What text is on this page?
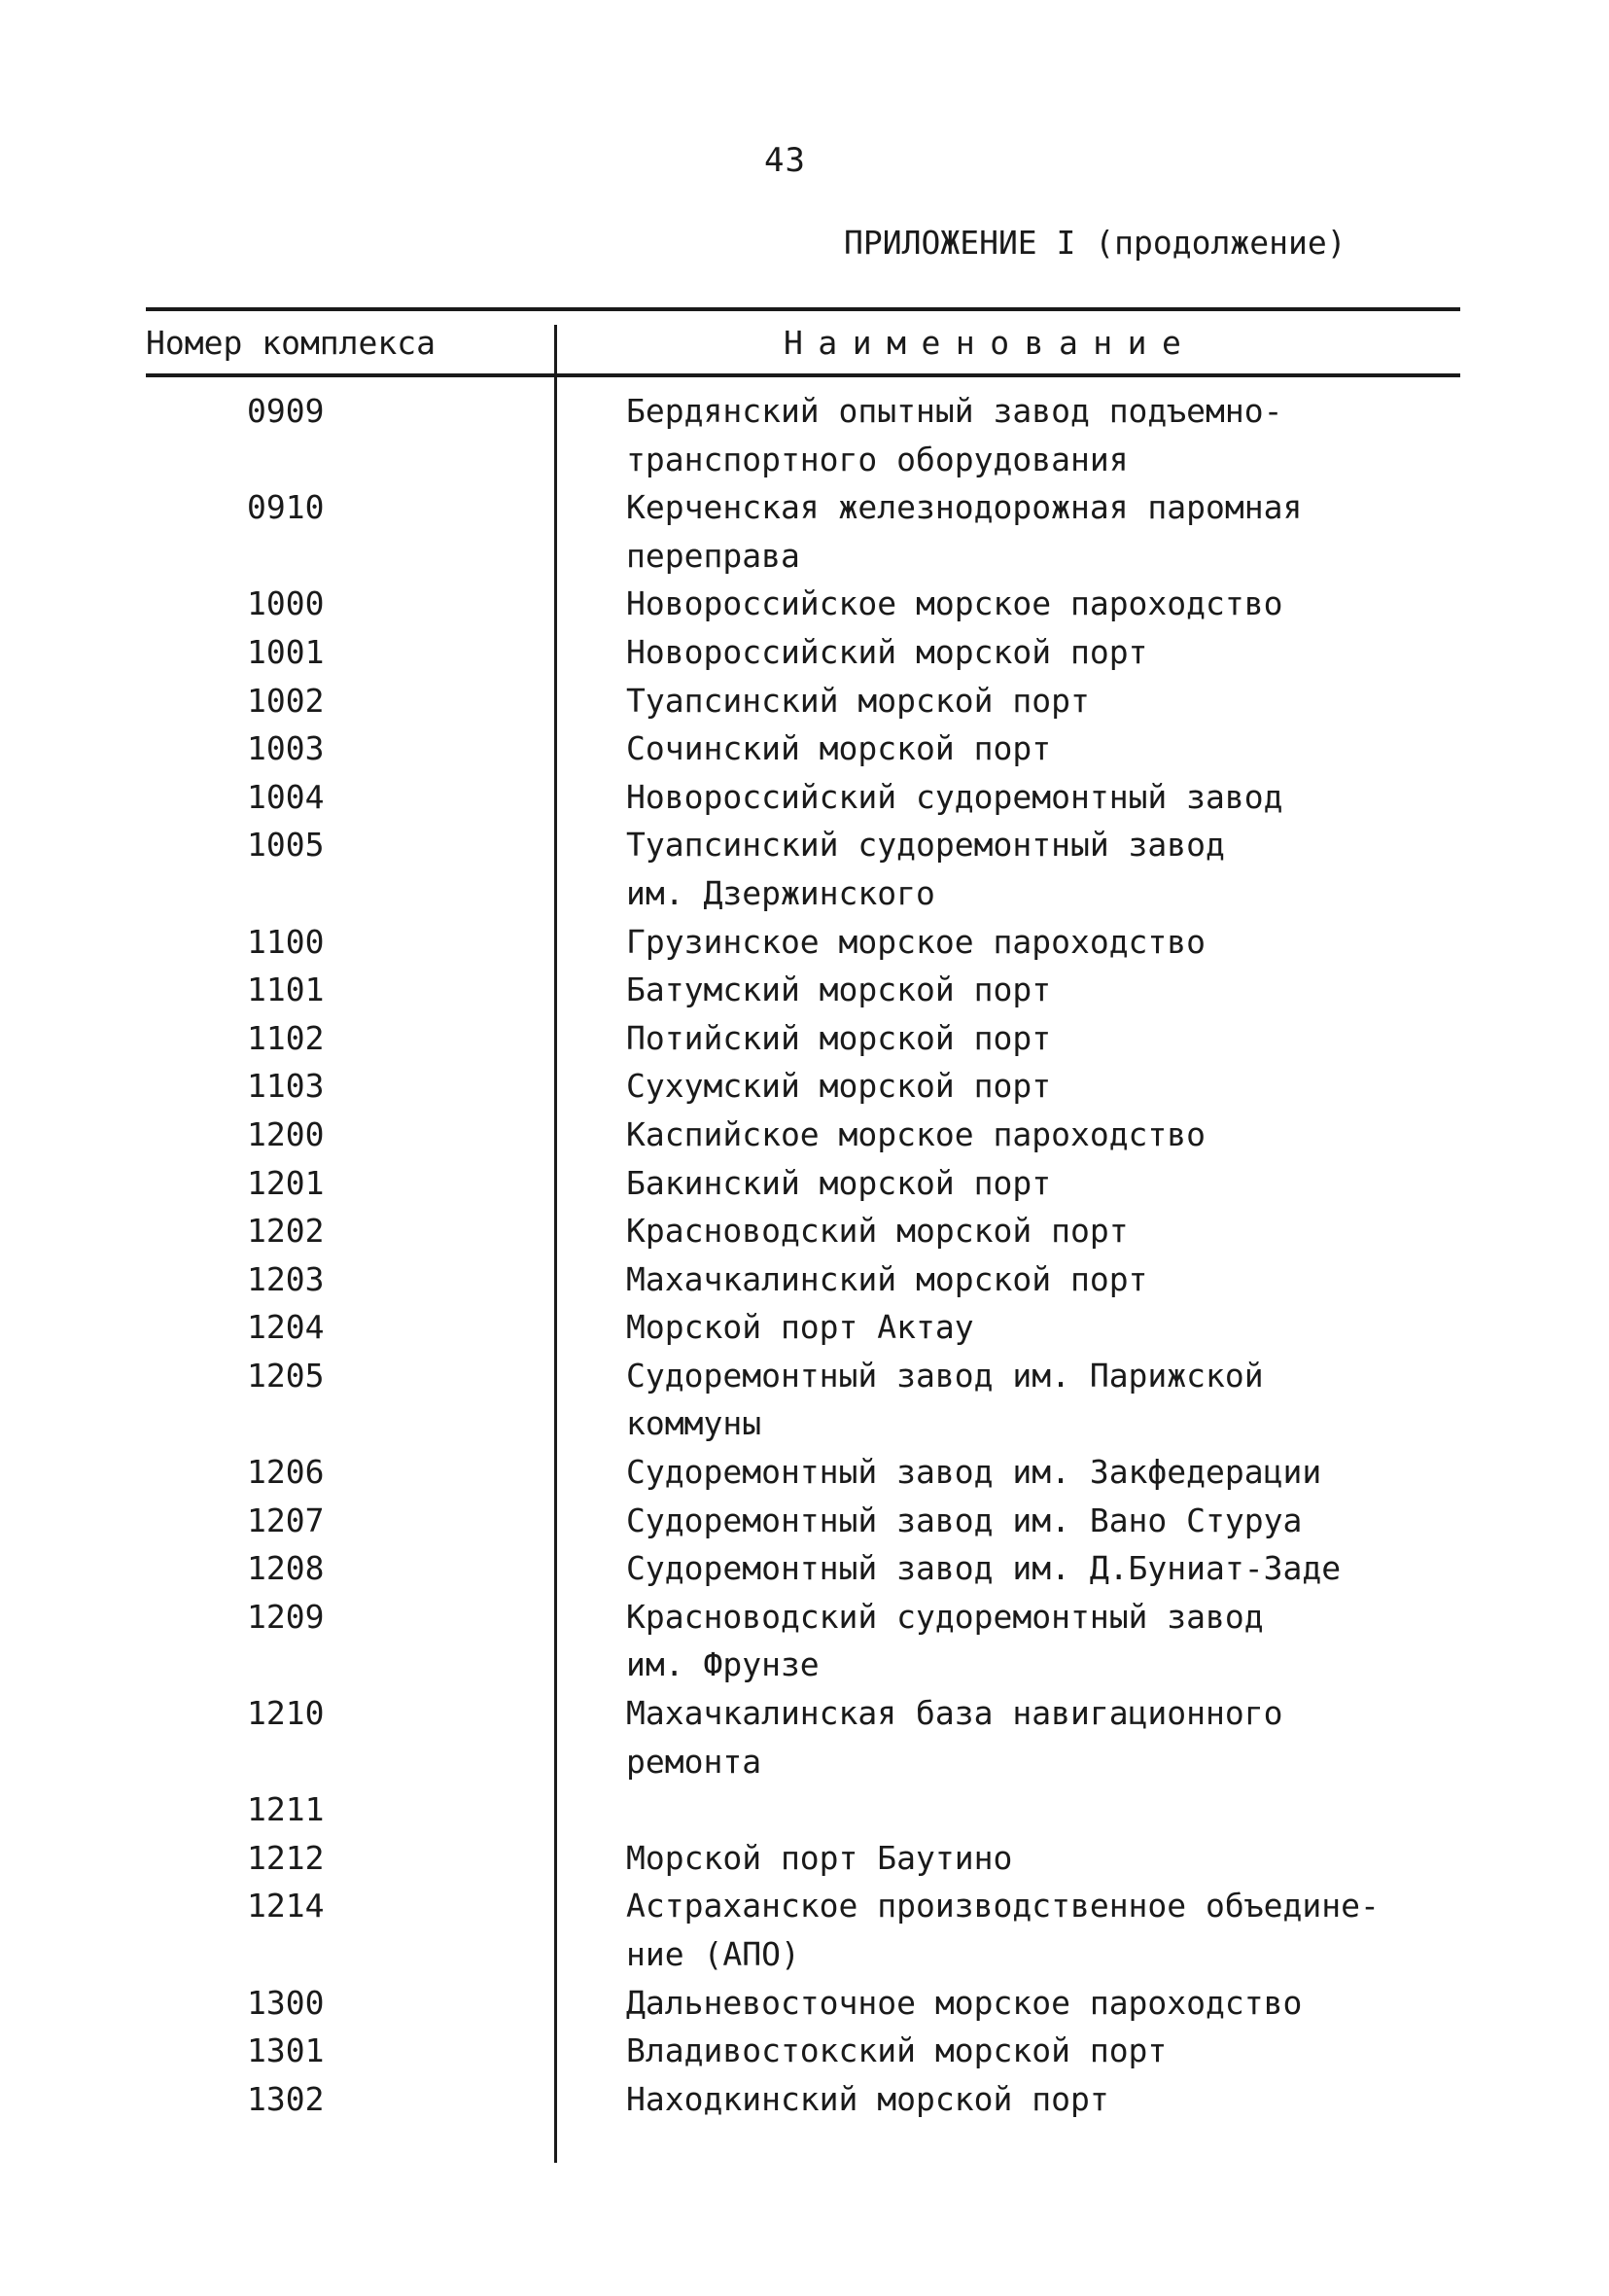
43
ПРИЛОЖЕНИЕ I (продолжение)
Номер комплекса	Наименование
0909	Бердянский опытный завод подъемно-
транспортного оборудования
0910	Керченская железнодорожная паромная
переправа
1000	Новороссийское морское пароходство
1001	Новороссийский морской порт
1002	Туапсинский морской порт
1003	Сочинский морской порт
1004	Новороссийский судоремонтный завод
1005	Туапсинский судоремонтный завод
им. Дзержинского
1100	Грузинское морское пароходство
1101	Батумский морской порт
1102	Потийский морской порт
1103	Сухумский морской порт
1200	Каспийское морское пароходство
1201	Бакинский морской порт
1202	Красноводский морской порт
1203	Махачкалинский морской порт
1204	Морской порт Актау
1205	Судоремонтный завод им. Парижской
коммуны
1206	Судоремонтный завод им. Закфедерации
1207	Судоремонтный завод им. Вано Стуруа
1208	Судоремонтный завод им. Д.Буниат-Заде
1209	Красноводский судоремонтный завод
им. Фрунзе
1210	Махачкалинская база навигационного
ремонта
1211

1212	Морской порт Баутино
1214	Астраханское производственное объедине-
ние (АПО)
1300	Дальневосточное морское пароходство
1301	Владивостокский морской порт
1302	Находкинский морской порт
